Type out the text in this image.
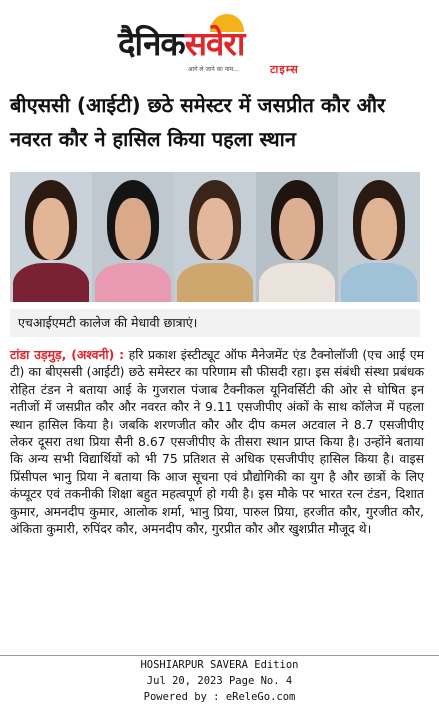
दैनिकसवेरा
आगे ले जाने का नाम...	टाइम्स
बीएससी (आईटी) छठे समेस्टर में जसप्रीत कौर और नवरत कौर ने हासिल किया पहला स्थान
एचआईएमटी कालेज की मेधावी छात्राएं।
टांडा उड़मुड़, (अश्वनी) : हरि प्रकाश इंस्टीट्यूट ऑफ मैनेजमेंट एंड टैक्नोलॉजी (एच आई एम टी) का बीएससी (आईटी) छठे समेस्टर का परिणाम सौ फीसदी रहा। इस संबंधी संस्था प्रबंधक रोहित टंडन ने बताया आई के गुजराल पंजाब टैक्नीकल यूनिवर्सिटी की ओर से घोषित इन नतीजों में जसप्रीत कौर और नवरत कौर ने 9.11 एसजीपीए अंकों के साथ कॉलेज में पहला स्थान हासिल किया है। जबकि शरणजीत कौर और दीप कमल अटवाल ने 8.7 एसजीपीए लेकर दूसरा तथा प्रिया सैनी 8.67 एसजीपीए के तीसरा स्थान प्राप्त किया है। उन्होंने बताया कि अन्य सभी विद्यार्थियों को भी 75 प्रतिशत से अधिक एसजीपीए हासिल किया है। वाइस प्रिंसीपल भानु प्रिया ने बताया कि आज सूचना एवं प्रौद्योगिकी का युग है और छात्रों के लिए कंप्यूटर एवं तकनीकी शिक्षा बहुत महत्वपूर्ण हो गयी है। इस मौके पर भारत रत्न टंडन, दिशात कुमार, अमनदीप कुमार, आलोक शर्मा, भानु प्रिया, पारुल प्रिया, हरजीत कौर, गुरजीत कौर, अंकिता कुमारी, रुपिंदर कौर, अमनदीप कौर, गुरप्रीत कौर और खुशप्रीत मौजूद थे।
HOSHIARPUR SAVERA Edition
Jul 20, 2023 Page No. 4
Powered by : eReleGo.com
